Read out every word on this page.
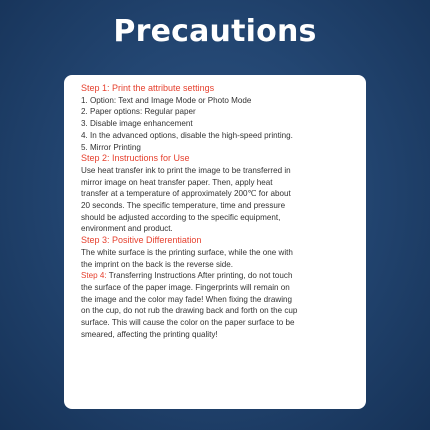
Precautions
Step 1: Print the attribute settings
1. Option: Text and Image Mode or Photo Mode
2. Paper options: Regular paper
3. Disable image enhancement
4. In the advanced options, disable the high-speed printing.
5. Mirror Printing
Step 2: Instructions for Use
Use heat transfer ink to print the image to be transferred in
mirror image on heat transfer paper. Then, apply heat
transfer at a temperature of approximately 200℃ for about
20 seconds. The specific temperature, time and pressure
should be adjusted according to the specific equipment,
environment and product.
Step 3: Positive Differentiation
The white surface is the printing surface, while the one with
the imprint on the back is the reverse side.
Step 4: Transferring Instructions After printing, do not touch
the surface of the paper image. Fingerprints will remain on
the image and the color may fade! When fixing the drawing
on the cup, do not rub the drawing back and forth on the cup
surface. This will cause the color on the paper surface to be
smeared, affecting the printing quality!
